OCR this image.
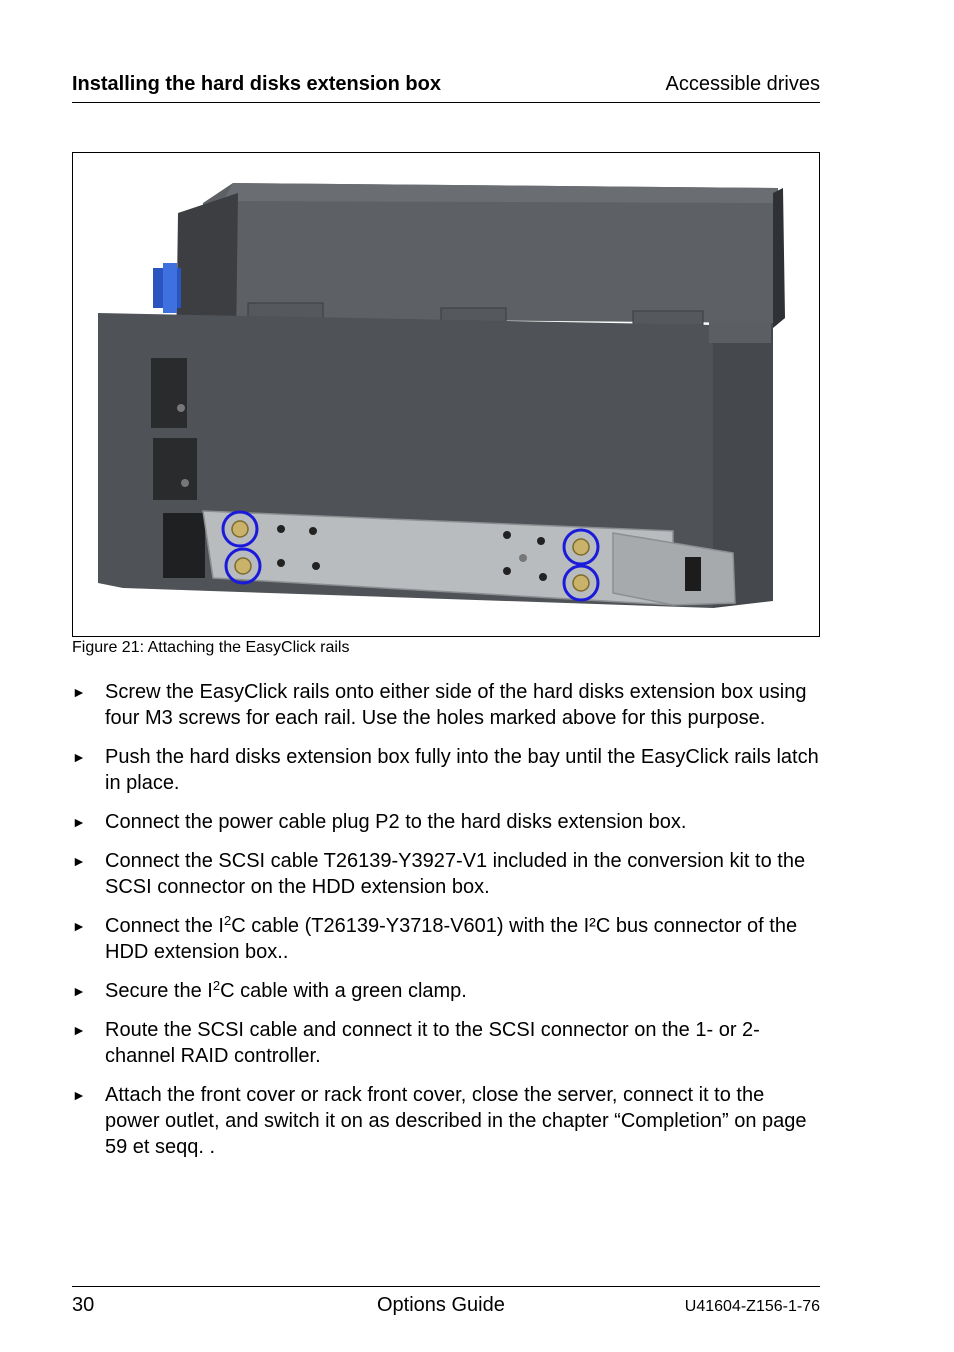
Installing the hard disks extension box	Accessible drives
Figure 21: Attaching the EasyClick rails
► Screw the EasyClick rails onto either side of the hard disks extension box using four M3 screws for each rail. Use the holes marked above for this purpose.
► Push the hard disks extension box fully into the bay until the EasyClick rails latch in place.
► Connect the power cable plug P2 to the hard disks extension box.
► Connect the SCSI cable T26139-Y3927-V1 included in the conversion kit to the SCSI connector on the HDD extension box.
► Connect the $I^2C$ cable (T26139-Y3718-V601) with the I²C bus connector of the HDD extension box..
► Secure the $I^2C$ cable with a green clamp.
► Route the SCSI cable and connect it to the SCSI connector on the 1- or 2-channel RAID controller.
► Attach the front cover or rack front cover, close the server, connect it to the power outlet, and switch it on as described in the chapter “Completion” on page 59 et seqq. .
30	Options Guide	U41604-Z156-1-76
